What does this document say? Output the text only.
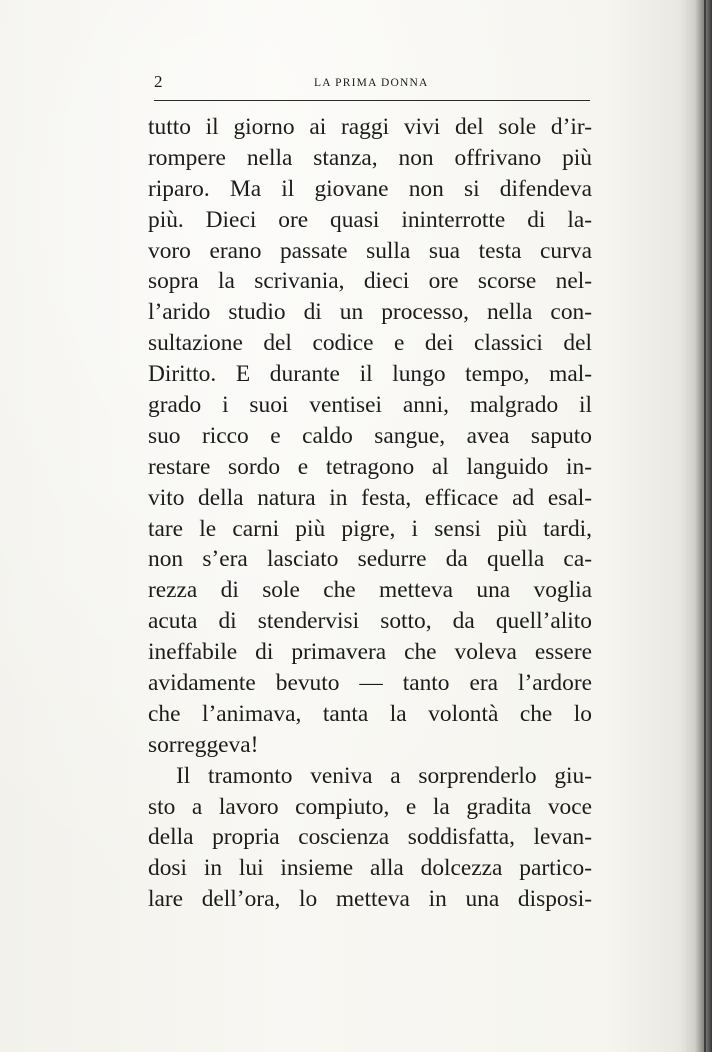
2	LA PRIMA DONNA
tutto il giorno ai raggi vivi del sole d’ir-
rompere nella stanza, non offrivano più
riparo. Ma il giovane non si difendeva
più. Dieci ore quasi ininterrotte di la-
voro erano passate sulla sua testa curva
sopra la scrivania, dieci ore scorse nel-
l’arido studio di un processo, nella con-
sultazione del codice e dei classici del
Diritto. E durante il lungo tempo, mal-
grado i suoi ventisei anni, malgrado il
suo ricco e caldo sangue, avea saputo
restare sordo e tetragono al languido in-
vito della natura in festa, efficace ad esal-
tare le carni più pigre, i sensi più tardi,
non s’era lasciato sedurre da quella ca-
rezza di sole che metteva una voglia
acuta di stendervisi sotto, da quell’alito
ineffabile di primavera che voleva essere
avidamente bevuto — tanto era l’ardore
che l’animava, tanta la volontà che lo
sorreggeva!
Il tramonto veniva a sorprenderlo giu-
sto a lavoro compiuto, e la gradita voce
della propria coscienza soddisfatta, levan-
dosi in lui insieme alla dolcezza partico-
lare dell’ora, lo metteva in una disposi-
